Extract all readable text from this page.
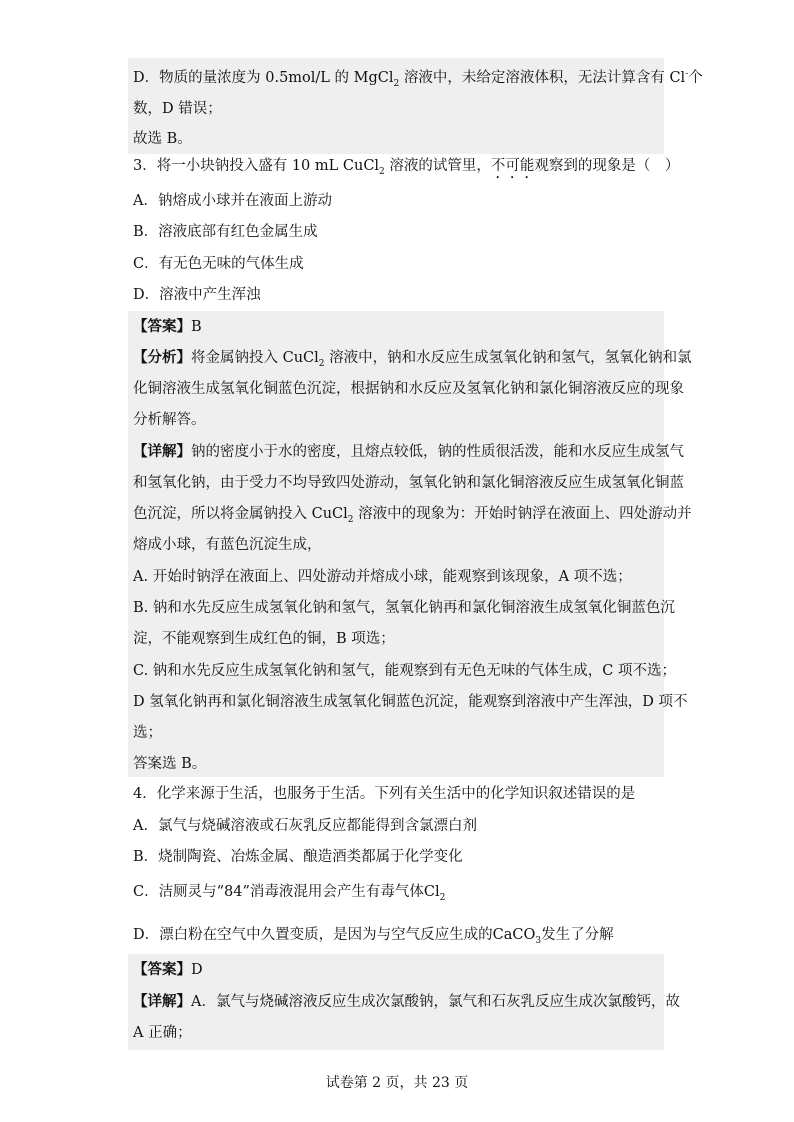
D．物质的量浓度为 0.5mol/L 的 MgCl$_2$ 溶液中，未给定溶液体积，无法计算含有 Cl-个
数，D 错误；
故选 B。
3．将一小块钠投入盛有 10 mL CuCl$_2$ 溶液的试管里，不可能观察到的现象是（　）
A．钠熔成小球并在液面上游动
B．溶液底部有红色金属生成
C．有无色无味的气体生成
D．溶液中产生浑浊
【答案】B
【分析】将金属钠投入 CuCl$_2$ 溶液中，钠和水反应生成氢氧化钠和氢气，氢氧化钠和氯
化铜溶液生成氢氧化铜蓝色沉淀，根据钠和水反应及氢氧化钠和氯化铜溶液反应的现象
分析解答。
【详解】钠的密度小于水的密度，且熔点较低，钠的性质很活泼，能和水反应生成氢气
和氢氧化钠，由于受力不均导致四处游动，氢氧化钠和氯化铜溶液反应生成氢氧化铜蓝
色沉淀，所以将金属钠投入 CuCl$_2$ 溶液中的现象为：开始时钠浮在液面上、四处游动并
熔成小球，有蓝色沉淀生成，
A. 开始时钠浮在液面上、四处游动并熔成小球，能观察到该现象，A 项不选；
B. 钠和水先反应生成氢氧化钠和氢气，氢氧化钠再和氯化铜溶液生成氢氧化铜蓝色沉
淀，不能观察到生成红色的铜，B 项选；
C. 钠和水先反应生成氢氧化钠和氢气，能观察到有无色无味的气体生成，C 项不选；
D 氢氧化钠再和氯化铜溶液生成氢氧化铜蓝色沉淀，能观察到溶液中产生浑浊，D 项不
选；
答案选 B。
4．化学来源于生活，也服务于生活。下列有关生活中的化学知识叙述错误的是
A．氯气与烧碱溶液或石灰乳反应都能得到含氯漂白剂
B．烧制陶瓷、冶炼金属、酿造酒类都属于化学变化
C．洁厕灵与“84”消毒液混用会产生有毒气体$Cl_2$
D．漂白粉在空气中久置变质，是因为与空气反应生成的CaCO$_3$发生了分解
【答案】D
【详解】A．氯气与烧碱溶液反应生成次氯酸钠，氯气和石灰乳反应生成次氯酸钙，故
A 正确；
试卷第 2 页，共 23 页
